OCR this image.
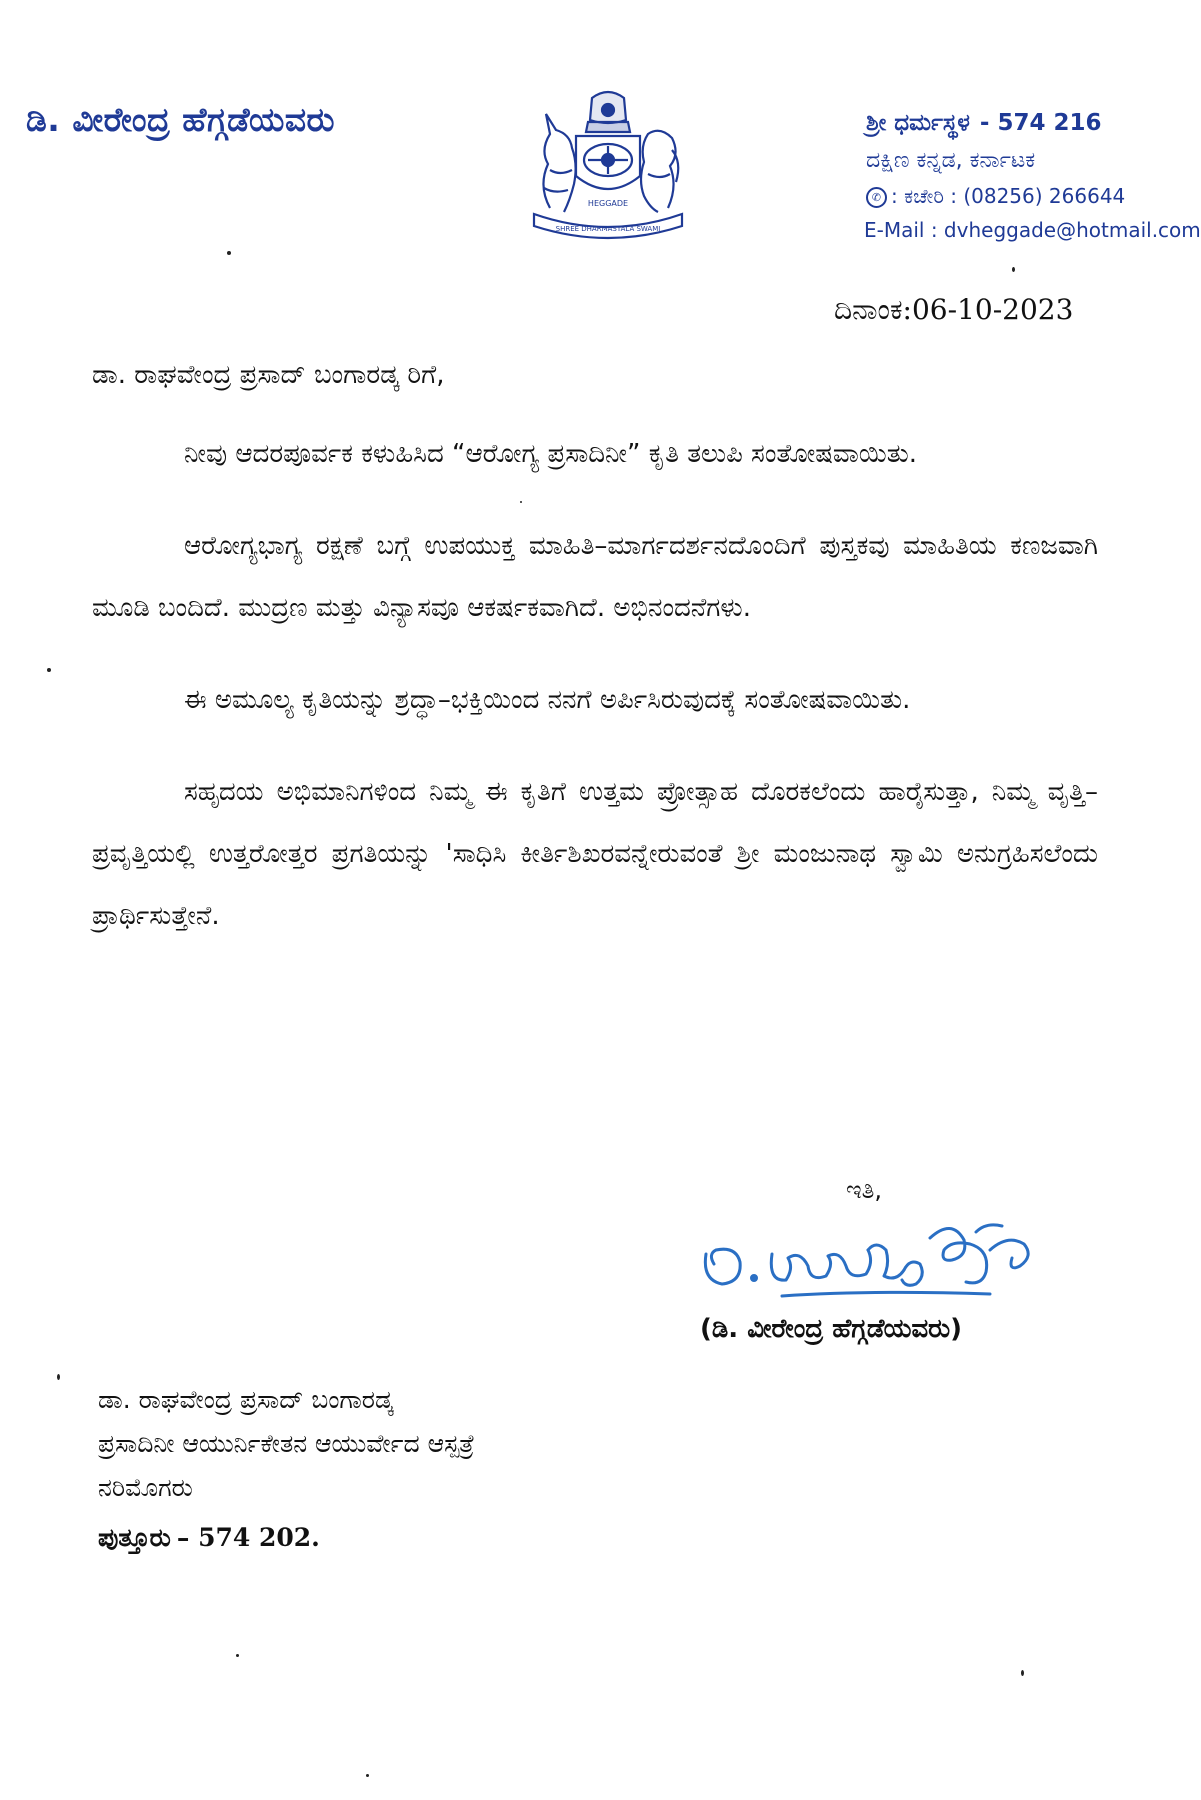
ಡಿ. ವೀರೇಂದ್ರ ಹೆಗ್ಗಡೆಯವರು
HEGGADE
SHREE DHARMASTALA SWAMI
ಶ್ರೀ ಧರ್ಮಸ್ಥಳ - 574 216
ದಕ್ಷಿಣ ಕನ್ನಡ, ಕರ್ನಾಟಕ
✆ : ಕಚೇರಿ : (08256) 266644
E-Mail : dvheggade@hotmail.com
ದಿನಾಂಕ:06-10-2023

ಡಾ. ರಾಘವೇಂದ್ರ ಪ್ರಸಾದ್ ಬಂಗಾರಡ್ಕ ರಿಗೆ,

ನೀವು ಆದರಪೂರ್ವಕ ಕಳುಹಿಸಿದ “ಆರೋಗ್ಯ ಪ್ರಸಾದಿನೀ” ಕೃತಿ ತಲುಪಿ ಸಂತೋಷವಾಯಿತು.

ಆರೋಗ್ಯಭಾಗ್ಯ ರಕ್ಷಣೆ ಬಗ್ಗೆ ಉಪಯುಕ್ತ ಮಾಹಿತಿ–ಮಾರ್ಗದರ್ಶನದೊಂದಿಗೆ ಪುಸ್ತಕವು ಮಾಹಿತಿಯ ಕಣಜವಾಗಿ ಮೂಡಿ ಬಂದಿದೆ. ಮುದ್ರಣ ಮತ್ತು ವಿನ್ಯಾಸವೂ ಆಕರ್ಷಕವಾಗಿದೆ. ಅಭಿನಂದನೆಗಳು.

ಈ ಅಮೂಲ್ಯ ಕೃತಿಯನ್ನು ಶ್ರದ್ಧಾ–ಭಕ್ತಿಯಿಂದ ನನಗೆ ಅರ್ಪಿಸಿರುವುದಕ್ಕೆ ಸಂತೋಷವಾಯಿತು.

ಸಹೃದಯ ಅಭಿಮಾನಿಗಳಿಂದ ನಿಮ್ಮ ಈ ಕೃತಿಗೆ ಉತ್ತಮ ಪ್ರೋತ್ಸಾಹ ದೊರಕಲೆಂದು ಹಾರೈಸುತ್ತಾ, ನಿಮ್ಮ ವೃತ್ತಿ–ಪ್ರವೃತ್ತಿಯಲ್ಲಿ ಉತ್ತರೋತ್ತರ ಪ್ರಗತಿಯನ್ನು 'ಸಾಧಿಸಿ ಕೀರ್ತಿಶಿಖರವನ್ನೇರುವಂತೆ ಶ್ರೀ ಮಂಜುನಾಥ ಸ್ವಾಮಿ ಅನುಗ್ರಹಿಸಲೆಂದು ಪ್ರಾರ್ಥಿಸುತ್ತೇನೆ.

ಇತಿ,
(ಡಿ. ವೀರೇಂದ್ರ ಹೆಗ್ಗಡೆಯವರು)
ಡಾ. ರಾಘವೇಂದ್ರ ಪ್ರಸಾದ್ ಬಂಗಾರಡ್ಕ
ಪ್ರಸಾದಿನೀ ಆಯುರ್ನಿಕೇತನ ಆಯುರ್ವೇದ ಆಸ್ಪತ್ರೆ
ನರಿಮೊಗರು
ಪುತ್ತೂರು – 574 202.
